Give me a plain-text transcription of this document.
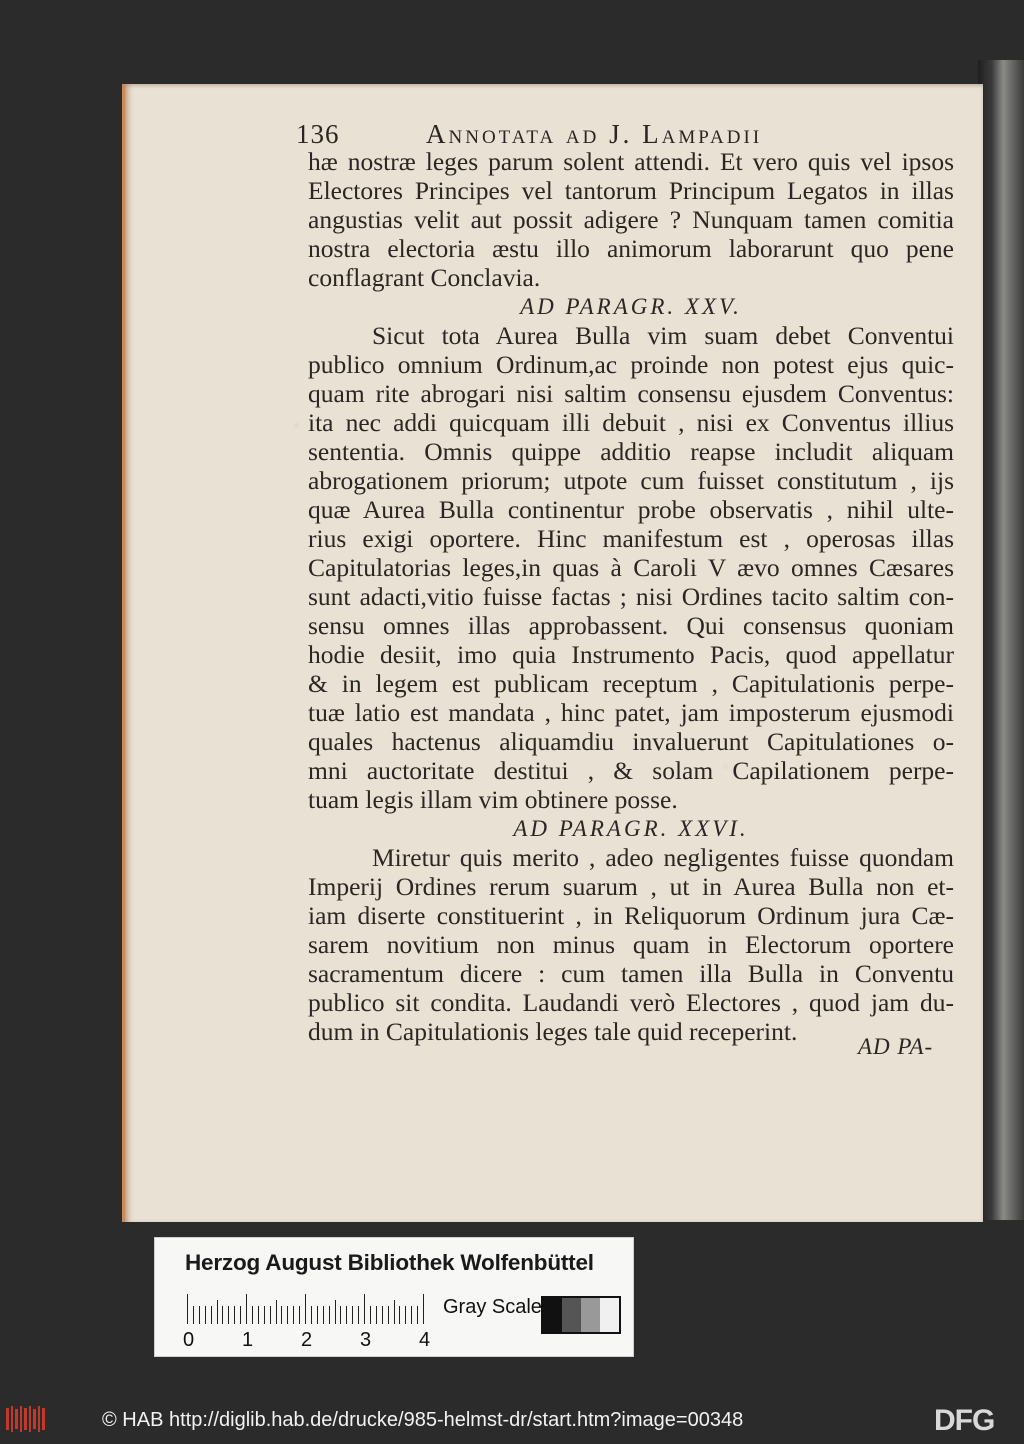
136	Annotata ad J. Lampadii
hæ nostræ leges parum solent attendi. Et vero quis vel ipsos
Electores Principes vel tantorum Principum Legatos in illas
angustias velit aut possit adigere ? Nunquam tamen comitia
nostra electoria æstu illo animorum laborarunt quo pene
conflagrant Conclavia.
AD PARAGR. XXV.
Sicut tota Aurea Bulla vim suam debet Conventui
publico omnium Ordinum,ac proinde non potest ejus quic-
quam rite abrogari nisi saltim consensu ejusdem Conventus:
ita nec addi quicquam illi debuit , nisi ex Conventus illius
sententia. Omnis quippe additio reapse includit aliquam
abrogationem priorum; utpote cum fuisset constitutum , ijs
quæ Aurea Bulla continentur probe observatis , nihil ulte-
rius exigi oportere. Hinc manifestum est , operosas illas
Capitulatorias leges,in quas à Caroli V ævo omnes Cæsares
sunt adacti,vitio fuisse factas ; nisi Ordines tacito saltim con-
sensu omnes illas approbassent. Qui consensus quoniam
hodie desiit, imo quia Instrumento Pacis, quod appellatur
& in legem est publicam receptum , Capitulationis perpe-
tuæ latio est mandata , hinc patet, jam imposterum ejusmodi
quales hactenus aliquamdiu invaluerunt Capitulationes o-
mni auctoritate destitui , & solam Capilationem perpe-
tuam legis illam vim obtinere posse.
AD PARAGR. XXVI.
Miretur quis merito , adeo negligentes fuisse quondam
Imperij Ordines rerum suarum , ut in Aurea Bulla non et-
iam diserte constituerint , in Reliquorum Ordinum jura Cæ-
sarem novitium non minus quam in Electorum oportere
sacramentum dicere : cum tamen illa Bulla in Conventu
publico sit condita. Laudandi verò Electores , quod jam du-
dum in Capitulationis leges tale quid receperint.
AD PA-
Herzog August Bibliothek Wolfenbüttel
0 1 2 3 4
Gray Scale
© HAB http://diglib.hab.de/drucke/985-helmst-dr/start.htm?image=00348	DFG
